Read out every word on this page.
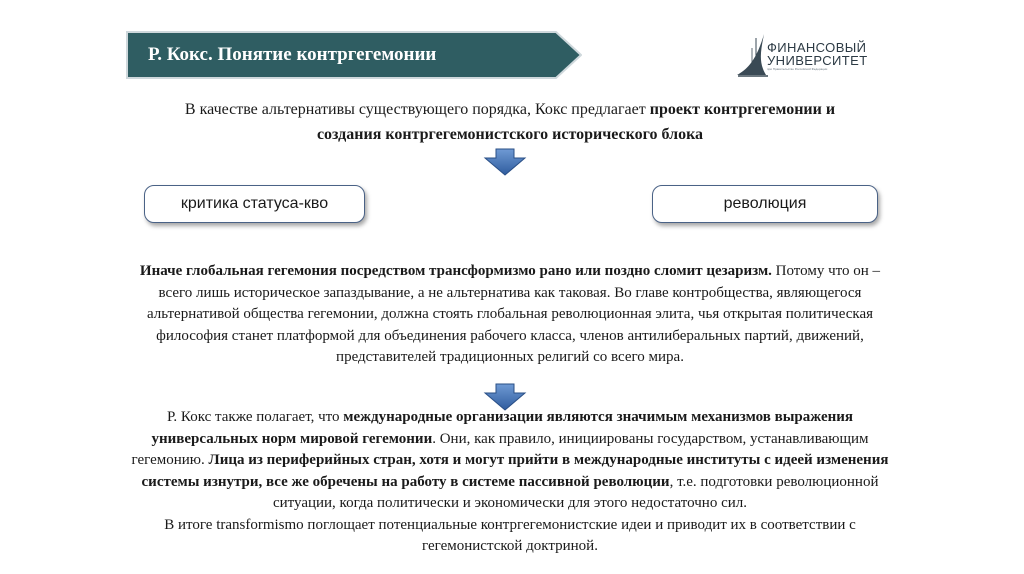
Р. Кокс. Понятие контргегемонии	ФИНАНСОВЫЙ
УНИВЕРСИТЕТ
при Правительстве Российской Федерации
В качестве альтернативы существующего порядка, Кокс предлагает проект контргегемонии и создания контргегемонистского исторического блока
критика статуса-кво	революция
Иначе глобальная гегемония посредством трансформизмо рано или поздно сломит цезаризм. Потому что он – всего лишь историческое запаздывание, а не альтернатива как таковая. Во главе контробщества, являющегося альтернативой общества гегемонии, должна стоять глобальная революционная элита, чья открытая политическая философия станет платформой для объединения рабочего класса, членов антилиберальных партий, движений, представителей традиционных религий со всего мира.
Р. Кокс также полагает, что международные организации являются значимым механизмов выражения универсальных норм мировой гегемонии. Они, как правило, инициированы государством, устанавливающим гегемонию. Лица из периферийных стран, хотя и могут прийти в международные институты с идеей изменения системы изнутри, все же обречены на работу в системе пассивной революции, т.е. подготовки революционной ситуации, когда политически и экономически для этого недостаточно сил.
В итоге transformismo поглощает потенциальные контргегемонистские идеи и приводит их в соответствии с гегемонистской доктриной.
